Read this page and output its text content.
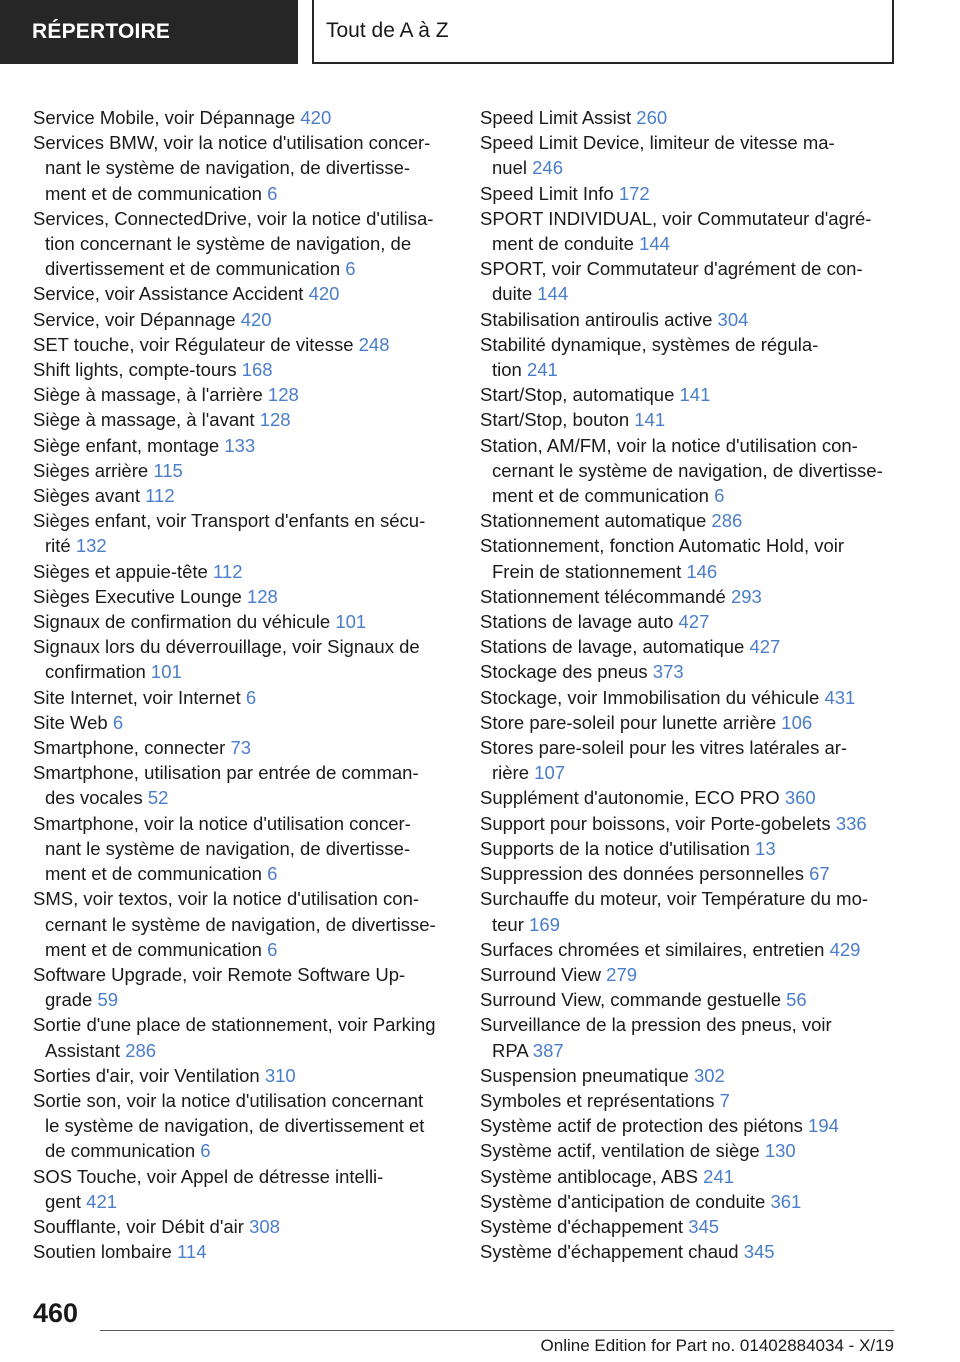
RÉPERTOIRE	Tout de A à Z

Service Mobile, voir Dépannage 420

Services BMW, voir la notice d'utilisation concer-
nant le système de navigation, de divertisse-
ment et de communication 6

Services, ConnectedDrive, voir la notice d'utilisa-
tion concernant le système de navigation, de
divertissement et de communication 6

Service, voir Assistance Accident 420

Service, voir Dépannage 420

SET touche, voir Régulateur de vitesse 248

Shift lights, compte-tours 168

Siège à massage, à l'arrière 128

Siège à massage, à l'avant 128

Siège enfant, montage 133

Sièges arrière 115

Sièges avant 112

Sièges enfant, voir Transport d'enfants en sécu-
rité 132

Sièges et appuie-tête 112

Sièges Executive Lounge 128

Signaux de confirmation du véhicule 101

Signaux lors du déverrouillage, voir Signaux de
confirmation 101

Site Internet, voir Internet 6

Site Web 6

Smartphone, connecter 73

Smartphone, utilisation par entrée de comman-
des vocales 52

Smartphone, voir la notice d'utilisation concer-
nant le système de navigation, de divertisse-
ment et de communication 6

SMS, voir textos, voir la notice d'utilisation con-
cernant le système de navigation, de divertisse-
ment et de communication 6

Software Upgrade, voir Remote Software Up-
grade 59

Sortie d'une place de stationnement, voir Parking
Assistant 286

Sorties d'air, voir Ventilation 310

Sortie son, voir la notice d'utilisation concernant
le système de navigation, de divertissement et
de communication 6

SOS Touche, voir Appel de détresse intelli-
gent 421

Soufflante, voir Débit d'air 308

Soutien lombaire 114

Speed Limit Assist 260

Speed Limit Device, limiteur de vitesse ma-
nuel 246

Speed Limit Info 172

SPORT INDIVIDUAL, voir Commutateur d'agré-
ment de conduite 144

SPORT, voir Commutateur d'agrément de con-
duite 144

Stabilisation antiroulis active 304

Stabilité dynamique, systèmes de régula-
tion 241

Start/Stop, automatique 141

Start/Stop, bouton 141

Station, AM/FM, voir la notice d'utilisation con-
cernant le système de navigation, de divertisse-
ment et de communication 6

Stationnement automatique 286

Stationnement, fonction Automatic Hold, voir
Frein de stationnement 146

Stationnement télécommandé 293

Stations de lavage auto 427

Stations de lavage, automatique 427

Stockage des pneus 373

Stockage, voir Immobilisation du véhicule 431

Store pare-soleil pour lunette arrière 106

Stores pare-soleil pour les vitres latérales ar-
rière 107

Supplément d'autonomie, ECO PRO 360

Support pour boissons, voir Porte-gobelets 336

Supports de la notice d'utilisation 13

Suppression des données personnelles 67

Surchauffe du moteur, voir Température du mo-
teur 169

Surfaces chromées et similaires, entretien 429

Surround View 279

Surround View, commande gestuelle 56

Surveillance de la pression des pneus, voir
RPA 387

Suspension pneumatique 302

Symboles et représentations 7

Système actif de protection des piétons 194

Système actif, ventilation de siège 130

Système antiblocage, ABS 241

Système d'anticipation de conduite 361

Système d'échappement 345

Système d'échappement chaud 345

460
Online Edition for Part no. 01402884034 - X/19
